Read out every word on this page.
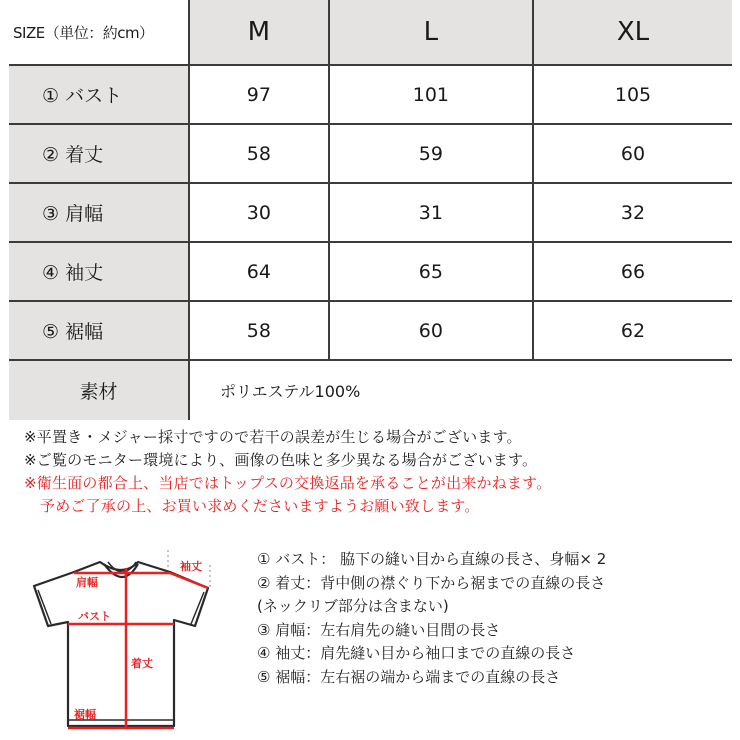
SIZE（単位：約cm）	M	L	XL
① バスト	97	101	105
② 着丈	58	59	60
③ 肩幅	30	31	32
④ 袖丈	64	65	66
⑤ 裾幅	58	60	62
素材	ポリエステル100%		
※平置き・メジャー採寸ですので若干の誤差が生じる場合がございます。
※ご覧のモニター環境により、画像の色味と多少異なる場合がございます。
※衛生面の都合上、当店ではトップスの交換返品を承ることが出来かねます。
予めご了承の上、お買い求めくださいますようお願い致します。
肩幅
袖丈
バスト
着丈
裾幅
① バスト： 脇下の縫い目から直線の長さ、身幅× 2
② 着丈：背中側の襟ぐり下から裾までの直線の長さ
(ネックリブ部分は含まない)
③ 肩幅：左右肩先の縫い目間の長さ
④ 袖丈：肩先縫い目から袖口までの直線の長さ
⑤ 裾幅：左右裾の端から端までの直線の長さ
